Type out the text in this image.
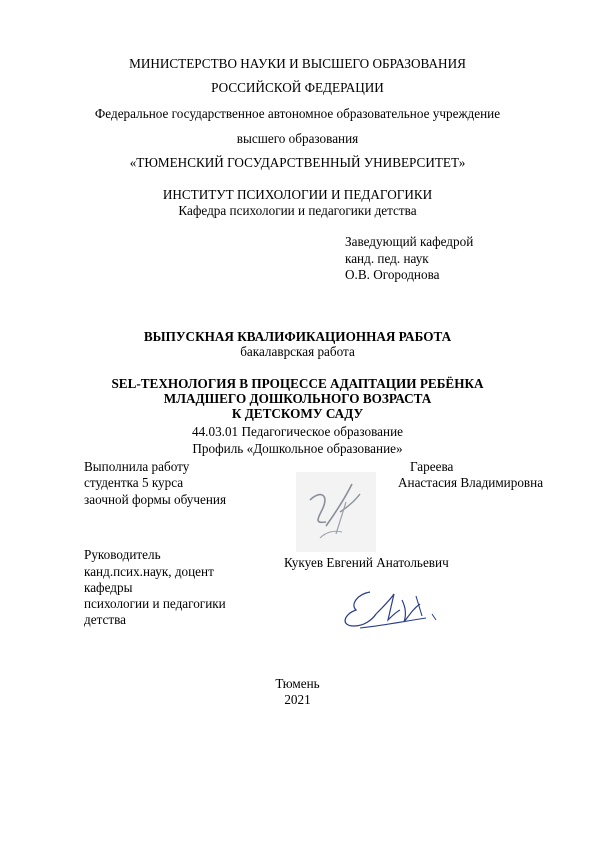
МИНИСТЕРСТВО НАУКИ И ВЫСШЕГО ОБРАЗОВАНИЯ
РОССИЙСКОЙ ФЕДЕРАЦИИ
Федеральное государственное автономное образовательное учреждение
высшего образования
«ТЮМЕНСКИЙ ГОСУДАРСТВЕННЫЙ УНИВЕРСИТЕТ»
ИНСТИТУТ ПСИХОЛОГИИ И ПЕДАГОГИКИ
Кафедра психологии и педагогики детства
Заведующий кафедрой
канд. пед. наук
О.В. Огороднова
ВЫПУСКНАЯ КВАЛИФИКАЦИОННАЯ РАБОТА
бакалаврская работа
SEL-ТЕХНОЛОГИЯ В ПРОЦЕССЕ АДАПТАЦИИ РЕБЁНКА
МЛАДШЕГО ДОШКОЛЬНОГО ВОЗРАСТА
К ДЕТСКОМУ САДУ
44.03.01 Педагогическое образование
Профиль «Дошкольное образование»
Выполнила работу
студентка 5 курса
заочной формы обучения
Гареева
Анастасия Владимировна
Руководитель
канд.псих.наук, доцент
кафедры
психологии и педагогики
детства
Кукуев Евгений Анатольевич
Тюмень
2021
